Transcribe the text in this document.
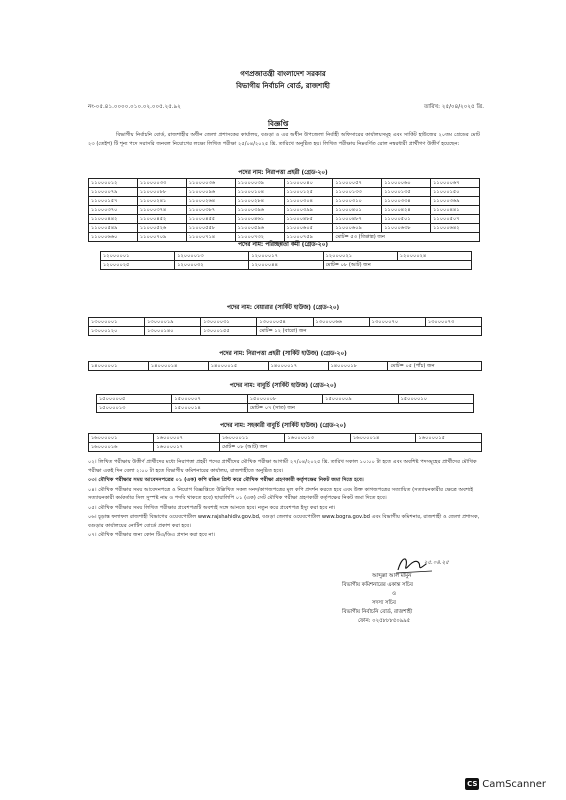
গণপ্রজাতন্ত্রী বাংলাদেশ সরকার
বিভাগীয় নির্বাচনি বোর্ড, রাজশাহী
নং-০৫.৪১.০০০০.০১০.০২.০০৫.২৫.৯২	তারিখ: ২৫/০৪/২০২৫ খ্রি.
বিজ্ঞপ্তি
বিভাগীয় নির্বাচনি বোর্ড, রাজশাহীর অধীন জেলা প্রশাসকের কার্যালয়, বগুড়া ও এর অধীন উপজেলা নির্বাহী অফিসারের কার্যালয়সমূহ এবং সার্কিট হাউজের ২০তম গ্রেডের মোট ২৩ (তেইশ) টি শূন্য পদে সরাসরি জনবল নিয়োগের লক্ষ্যে লিখিত পরীক্ষা ২৫/০৪/২০২৫ খ্রি. তারিখে অনুষ্ঠিত হয়। লিখিত পরীক্ষায় নিম্নবর্ণিত রোল নম্বরধারী প্রার্থীগণ উত্তীর্ণ হয়েছেন:
পদের নাম: নিরাপত্তা প্রহরী (গ্রেড-২০)
১১০০০০১২	১১০০০০৩৩	১১০০০০৩৬	১১০০০০৩৯	১১০০০০৪০	১১০০০০৫৭	১১০০০০৬০	১১০০০০৬৭
১১০০০০৭৯	১১০০০০৮৮	১১০০০০৯৬	১১০০০১০৪	১১০০০১২৫	১১০০০১৩৩	১১০০০১৩৫	১১০০০১৫০
১১০০০১৫৭	১১০০০২৪১	১১০০০২৬৪	১১০০০২৮৪	১১০০০৩০৪	১১০০০৩১০	১১০০০৩৩৪	১১০০০৩৬৯
১১০০০৩৭০	১১০০০৩৭৪	১১০০০৩৮৭	১১০০০৩৯৬	১১০০০৩৯৯	১১০০০৪০১	১১০০০৪২৪	১১০০০৪৪১
১১০০০৪৪২	১১০০০৪৫২	১১০০০৪৫৫	১১০০০৪৬১	১১০০০৪৮৫	১১০০০৪৮৭	১১০০০৫০১	১১০০০৫০৭
১১০০০৫৪৯	১১০০০৫২৬	১১০০০৫৫৮	১১০০০৫৯৬	১১০০০৬০৫	১১০০০৬০৯	১১০০০৬৩৮	১১০০০৬৪২
১১০০০৬৬০	১১০০০৭০৯	১১০০০৭১৪	১১০০০৭৩২	১১০০০৭৫৯	মোট= ৫৩ (তিপ্পান্ন) জন		
পদের নাম: পরিচ্ছন্নতা কর্মী (গ্রেড-২০)
১২০০০০০১	১২০০০০১৩	১২০০০০১৭	১২০০০০২১	১২০০০০২৪
১২০০০০২৫	১২০০০০৩২	১২০০০০৪৪	মোট= ০৮ (আট) জন	
পদের নাম: বেয়ারার (সার্কিট হাউজ) (গ্রেড-২০)
১৩০০০০০১	১৩০০০০১৯	১৩০০০০৩১	১৩০০০০৫৪	১৩০০০০৬৬	১৩০০০০৭০	১৩০০০০৭৩
১৩০০০১২০	১৩০০০১৪০	১৩০০০১৫৫	মোট= ১২ (বারো) জন			
পদের নাম: নিরাপত্তা প্রহরী (সার্কিট হাউজ) (গ্রেড-২০)
১৪০০০০০১	১৪০০০০১৪	১৪০০০০১৫	১৪০০০০১৭	১৪০০০০১৮	মোট= ০৫ (পাঁচ) জন
পদের নাম: বাবুর্চি (সার্কিট হাউজ) (গ্রেড-২০)
১৫০০০০০৫	১৫০০০০০৭	১৫০০০০০৮	১৫০০০০০৯	১৫০০০০১০
১৫০০০০১৩	১৫০০০০১৪	মোট= ০৭ (সাত) জন		
পদের নাম: সহকারী বাবুর্চি (সার্কিট হাউজ) (গ্রেড-২০)
১৬০০০০০১	১৬০০০০০৭	১৬০০০০১১	১৬০০০০১৩	১৬০০০০১৪	১৬০০০০১৫
১৬০০০০১৬	১৬০০০০১৭	মোট= ০৮ (আট) জন			

০২। লিখিত পরীক্ষায় উত্তীর্ণ প্রার্থীদের মধ্যে নিরাপত্তা প্রহরী পদের প্রার্থীদের মৌখিক পরীক্ষা আগামী ২৭/০৪/২০২৫ খ্রি. তারিখ সকাল ১০:০০ টা হতে এবং অবশিষ্ট পদসমূহের প্রার্থীদের মৌখিক পরীক্ষা একই দিন বেলা ২:০০ টা হতে বিভাগীয় কমিশনারের কার্যালয়, রাজশাহীতে অনুষ্ঠিত হবে।

০৩। মৌখিক পরীক্ষার সময় আবেদনপত্রের ০১ (এক) কপি রঙিন প্রিন্ট করে মৌখিক পরীক্ষা গ্রহণকারী কর্তৃপক্ষের নিকট জমা দিতে হবে।

০৪। মৌখিক পরীক্ষার সময় আবেদনপত্রে ও নিয়োগ বিজ্ঞপ্তিতে উল্লিখিত সকল সনদ/কাগজপত্রের মূল কপি প্রদর্শন করতে হবে এবং উক্ত কাগজপত্রের সত্যায়িত (সত্যায়নকারীর ক্ষেত্রে অবশ্যই সত্যায়নকারী কর্মকর্তার সিল সুস্পষ্ট নাম ও পদবি থাকতে হবে) ছায়ালিপি ০১ (এক) সেট মৌখিক পরীক্ষা গ্রহণকারী কর্তৃপক্ষের নিকট জমা দিতে হবে।

০৫। মৌখিক পরীক্ষার সময় লিখিত পরীক্ষার প্রবেশপত্রটি অবশ্যই সঙ্গে আনতে হবে। নতুন করে প্রবেশপত্র ইস্যু করা হবে না।

০৬। চূড়ান্ত ফলাফল রাজশাহী বিভাগের ওয়েবপোর্টাল www.rajshahidiv.gov.bd, বগুড়া জেলার ওয়েবপোর্টাল www.bogra.gov.bd এবং বিভাগীয় কমিশনার, রাজশাহী ও জেলা প্রশাসক, বগুড়ার কার্যালয়ের নোটিশ বোর্ডে প্রকাশ করা হবে।

০৭। মৌখিক পরীক্ষার জন্য কোন টিএ/ডিএ প্রদান করা হবে না।

২৫.০৪.২৫
আব্দুল্লা আল মামুন
বিভাগীয় কমিশনারের একান্ত সচিব
ও
সদস্য সচিব
বিভাগীয় নির্বাচনি বোর্ড, রাজশাহী
ফোন: ০২৫৮৮৮৫০৯৯৫
CS CamScanner
